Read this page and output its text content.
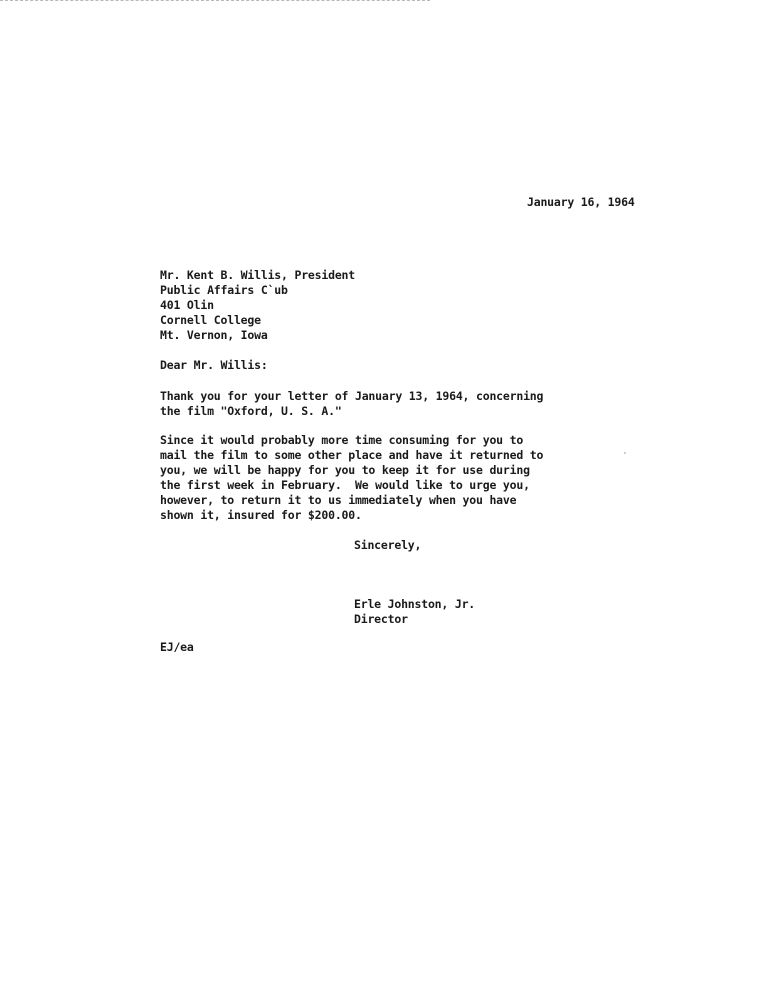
January 16, 1964
Mr. Kent B. Willis, President
Public Affairs C`ub
401 Olin
Cornell College
Mt. Vernon, Iowa
Dear Mr. Willis:
Thank you for your letter of January 13, 1964, concerning
the film "Oxford, U. S. A."
Since it would probably more time consuming for you to
mail the film to some other place and have it returned to
you, we will be happy for you to keep it for use during
the first week in February.  We would like to urge you,
however, to return it to us immediately when you have
shown it, insured for $200.00.
Sincerely,
Erle Johnston, Jr.
Director
EJ/ea
